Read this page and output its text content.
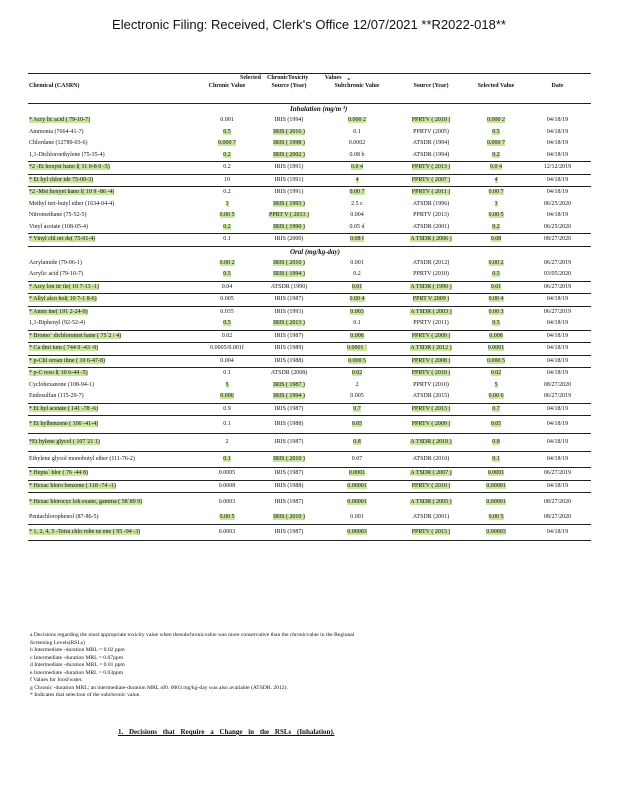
Electronic Filing: Received, Clerk's Office 12/07/2021 **R2022-018**
	Selected ChronicToxicity Values $^a$			
Chemical (CASRN)	Chronic Value	Source (Year)	Subchronic Value	Source (Year)	Selected Value	Date
Inhalation (mg/m ³)						
* Acry lic acid ( 79-10-7)	0.001	IRIS (1994)	0.000 2	PPRTV ( 2010 )	0.000 2	04/18/19
Ammonia (7664-41-7)	0.5	IRIS ( 2016 )	0.1	PPRTV (2005)	0.5	04/18/19
Chlordane (12789-03-6)	0.000 7	IRIS ( 1998 )	0.0002	ATSDR (1994)	0.000 7	04/18/19
1,1-Dichloroethylene (75-35-4)	0.2	IRIS ( 2002 )	0.08 b	ATSDR (1994)	0.2	04/18/19
*2 -Et hoxyet hano l( 11 0-8 0 -5)	0.2	IRIS (1991)	0.0 4	PPRTV ( 2013 )	0.0 4	12/12/2019
* Et hyl chlor ide 75-00-3)	10	IRIS (1991)	4	PPRTV ( 2007 )	4	04/18/19
*2 -Met hoxyet hano l( 10 9 -86 -4)	0.2	IRIS (1991)	0.00 7	PPRTV ( 2011 )	0.00 7	04/18/19
Methyl tert-butyl ether (1634-04-4)	3	IRIS ( 1993 )	2.5 c	ATSDR (1996)	3	06/25/2020
Nitromethane (75-52-5)	0.00 5	PPRT V ( 2013 )	0.004	PPRTV (2013)	0.00 5	04/18/19
Vinyl acetate (108-05-4)	0.2	IRIS ( 1990 )	0.05 d	ATSDR (2001)	0.2	06/25/2020
* Vinyl chl ori de( 75-01-4)	0.1	IRIS (2000)	0.08 f	A TSDR ( 2006 )	0.08	08/27/2020
Oral (mg/kg-day)						
Acrylamide (79-06-1)	0.00 2	IRIS ( 2010 )	0.001	ATSDR (2012)	0.00 2	06/27/2019
Acrylic acid (79-10-7)	0.5	IRIS ( 1994 )	0.2	PPRTV (2010)	0.5	03/05/2020
* Acry lon itr ile( 10 7-13 -1)	0.04	ATSDR (1990)	0.01	A TSDR ( 1990 )	0.01	06/27/2019
* Allyl alco hol( 10 7-1 8-6)	0.005	IRIS (1987)	0.00 4	PPRT V 2009 )	0.00 4	04/18/19
* Amm ine( 191 2-24-9)	0.035	IRIS (1993)	0.003	A TSDR ( 2003 )	0.00 3	06/27/2019
1,1-Biphenyl (92-52-4)	0.5	IRIS ( 2013 )	0.1	PPRTV (2011)	0.5	04/18/19
* Bromo` dichloromet hane ( 75`2 / 4)	0.02	IRIS (1987)	0.008	PPRTV ( 2009 )	0.008	04/18/19
* Ca dmi ium ( 744 0 -43 -9)	0.0005/0.001f	IRIS (1989)	0.0001 `	A TSDR ( 2012 )	0.0001	04/18/19
* p-Chl oroan iline ( 10 6-47-8)	0.004	IRIS (1988)	0.000 5	PPRTV ( 2008 )	0.000 5	04/18/19
* p-C reso l( 10 6-44 -5)	0.1	ATSDR (2008)	0.02	PPRTV ( 2010 )	0.02	04/18/19
Cyclohexanone (108-94-1)	5	IRIS ( 1987 )	2	PPRTV (2010)	5	08/27/2020
Endosulfan (115-29-7)	0.006	IRIS ( 1994 )	0.005	ATSDR (2015)	0.00 6	06/27/2019
* Et hyl acetate ( 141 -78 -6)	0.9	IRIS (1987)	0.7	PPRTV ( 2013 )	0.7	04/18/19
* Et hylbenzene ( 100 -41-4)	0.1	IRIS (1988)	0.05	PPRTV ( 2009 )	0.05	04/18/19
*Et hylene glycol ( 107`21 1)	2	IRIS (1987)	0.8	A TSDR ( 2010 )	0.8	04/18/19
Ethylene glycol monobutyl ether (111-76-2)	0.1	IRIS ( 2010 )	0.07	ATSDR (2010)	0.1	04/18/19
* Hepta` hlor ( 76 -44 8)	0.0005	IRIS (1987)	0.0001	A TSDR ( 2007 )	0.0001	06/27/2019
* Hexac hloro benzene ( 118 -74 -1)	0.0008	IRIS (1988)	0.00001	PPRTV ( 2010 )	0.00001	04/18/19
* Hexac hlorocyc loh exane, gamma ( 58`89 9)	0.0003	IRIS (1987)	0.00001	A TSDR ( 2005 )	0.00001	08/27/2020
Pentachlorophenol (87-86-5)	0.00 5	IRIS ( 2010 )	0.001	ATSDR (2001)	0.00 5	08/27/2020
* 1, 2, 4, 5 -Tetra chlo robe nz ene ( 95 -94 -3)	0.0003	IRIS (1987)	0.00003	PPRTV ( 2013 )	0.00003	04/18/19
a Decisions regarding the most appropriate toxicity value when thesubchronicvalue was more conservative than the chronicvalue in the Regional
Screening Levels(RSLs)
b Intermediate -duration MRL = 0.02 ppm
c Intermediate -duration MRL = 0.07ppm
d Intermediate -duration MRL = 0.01 ppm
e Intermediate -duration MRL = 0.03ppm
f Values for food/water.
g Chronic -duration MRL; an intermediate-duration MRL of0. 0003 mg/kg-day was also available (ATSDR. 2012).
* Indicates that selection of the subchronic value.
1. Decisions that Require a Change in the RSLs (Inhalation).
